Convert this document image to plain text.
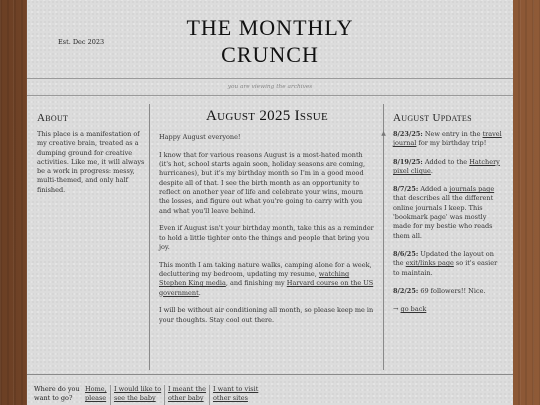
Est. Dec 2023
THE MONTHLY
CRUNCH
you are viewing the archives
▲
About
This place is a manifestation of my creative brain, treated as a dumping ground for creative activities. Like me, it will always be a work in progress: messy, multi-themed, and only half finished.
August 2025 Issue

Happy August everyone!

I know that for various reasons August is a most-hated month (it's hot, school starts again soon, holiday seasons are coming, hurricanes), but it's my birthday month so I'm in a good mood despite all of that. I see the birth month as an opportunity to reflect on another year of life and celebrate your wins, mourn the losses, and figure out what you're going to carry with you and what you'll leave behind.

Even if August isn't your birthday month, take this as a reminder to hold a little tighter onto the things and people that bring you joy.

This month I am taking nature walks, camping alone for a week, decluttering my bedroom, updating my resume, watching Stephen King media, and finishing my Harvard course on the US government.

I will be without air conditioning all month, so please keep me in your thoughts. Stay cool out there.

August Updates

8/23/25: New entry in the travel journal for my birthday trip!

8/19/25: Added to the Hatchery pixel clique.

8/7/25: Added a journals page that describes all the different online journals I keep. This 'bookmark page' was mostly made for my bestie who reads them all.

8/6/25: Updated the layout on the exit/links page so it's easier to maintain.

8/2/25: 69 followers!! Nice.

→ go back

Where do you want to go?
Home, please
I would like to see the baby
I meant the other baby
I want to visit other sites
